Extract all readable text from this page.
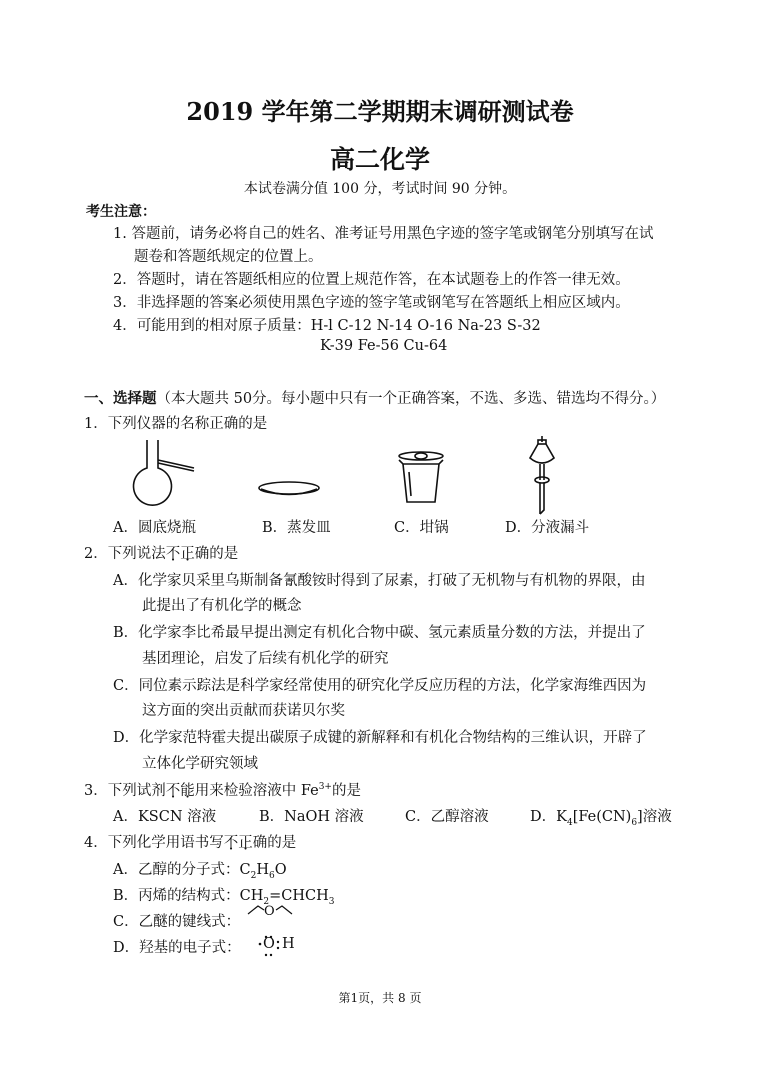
2019 学年第二学期期末调研测试卷
高二化学
本试卷满分值 100 分，考试时间 90 分钟。
考生注意：
1. 答题前，请务必将自己的姓名、准考证号用黑色字迹的签字笔或钢笔分别填写在试
题卷和答题纸规定的位置上。
2．答题时，请在答题纸相应的位置上规范作答，在本试题卷上的作答一律无效。
3．非选择题的答案必须使用黑色字迹的签字笔或钢笔写在答题纸上相应区域内。
4．可能用到的相对原子质量：H-l C-12 N-14 O-16 Na-23 S-32
K-39 Fe-56 Cu-64
一、选择题（本大题共 50分。每小题中只有一个正确答案，不选、多选、错选均不得分。）
1．下列仪器的名称正确的是
A．圆底烧瓶	B．蒸发皿	C．坩锅	D．分液漏斗
2．下列说法不正确的是
A．化学家贝采里乌斯制备氰酸铵时得到了尿素，打破了无机物与有机物的界限，由
此提出了有机化学的概念
B．化学家李比希最早提出测定有机化合物中碳、氢元素质量分数的方法，并提出了
基团理论，启发了后续有机化学的研究
C．同位素示踪法是科学家经常使用的研究化学反应历程的方法，化学家海维西因为
这方面的突出贡献而获诺贝尔奖
D．化学家范特霍夫提出碳原子成键的新解释和有机化合物结构的三维认识，开辟了
立体化学研究领域
3．下列试剂不能用来检验溶液中 $Fe^{3+}$的是
A．KSCN 溶液	B．NaOH 溶液	C．乙醇溶液	D．$K_4[Fe(CN)_6]$溶液
4．下列化学用语书写不正确的是
A．乙醇的分子式：$C_2H_6O$
B．丙烯的结构式：$CH_2=CHCH_3$
C．乙醚的键线式：
O
D．羟基的电子式： O H
第1页，共 8 页
